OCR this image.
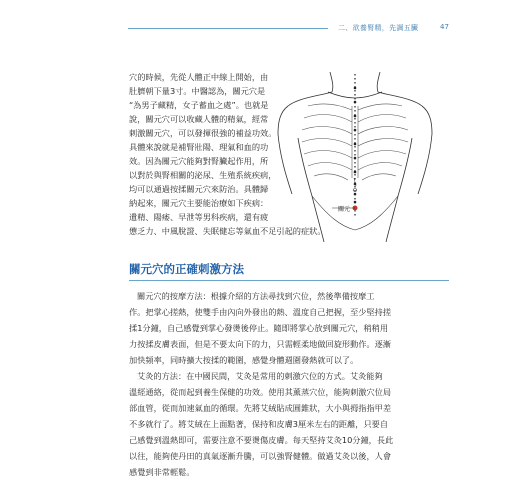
二、欲養腎精，先調五臟	47
穴的時候，先從人體正中線上開始，由
肚臍朝下量3寸。中醫認為，關元穴是
“為男子藏精，女子蓄血之處”。也就是
說，關元穴可以收藏人體的精氣，經常
刺激關元穴，可以發揮很強的補益功效。
具體來說就是補腎壯陽、理氣和血的功
效。因為關元穴能夠對腎臟起作用，所
以對於與腎相關的泌尿、生殖系統疾病，
均可以通過按揉關元穴來防治。具體歸
納起來，關元穴主要能治療如下疾病：
遺精、陽痿、早泄等男科疾病，還有疲
憊乏力、中風脫證、失眠健忘等氣血不足引起的症狀。
關元
關元穴的正確刺激方法
關元穴的按摩方法：根據介紹的方法尋找到穴位，然後準備按摩工
作。把掌心搓熱，使雙手由內向外發出的熱、溫度自己把握，至少堅持搓
揉1分鐘，自己感覺到掌心發燙後停止。隨即將掌心放到關元穴，稍稍用
力按揉皮膚表面，但是不要太向下的力，只需輕柔地做回旋形動作。逐漸
加快頻率，同時擴大按揉的範圍，感覺身體週圍發熱就可以了。
艾灸的方法：在中國民間，艾灸是常用的刺激穴位的方式。艾灸能夠
溫經通絡，從而起到養生保健的功效。使用其薰蒸穴位，能夠刺激穴位局
部血管，從而加速氣血的循環。先將艾絨貼成圓錐狀，大小與拇指指甲差
不多就行了。將艾絨在上面點著，保持和皮膚3厘米左右的距離，只要自
己感覺到溫熱即可，需要注意不要燙傷皮膚。每天堅持艾灸10分鐘，長此
以往，能夠使丹田的真氣逐漸升騰，可以強腎健體。做過艾灸以後，人會
感覺到非常輕鬆。
